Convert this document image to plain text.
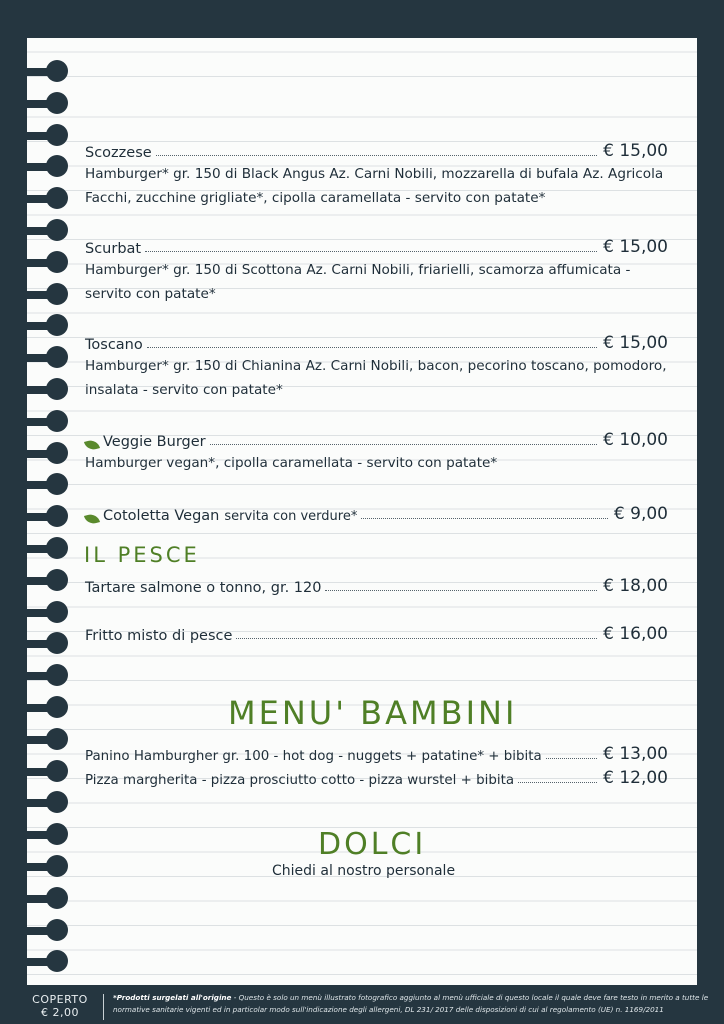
Scozzese	€ 15,00
Hamburger* gr. 150 di Black Angus Az. Carni Nobili, mozzarella di bufala Az. Agricola Facchi, zucchine grigliate*, cipolla caramellata - servito con patate*
Scurbat	€ 15,00
Hamburger* gr. 150 di Scottona Az. Carni Nobili, friarielli, scamorza affumicata - servito con patate*
Toscano	€ 15,00
Hamburger* gr. 150 di Chianina Az. Carni Nobili, bacon, pecorino toscano, pomodoro, insalata - servito con patate*
Veggie Burger	€ 10,00
Hamburger vegan*, cipolla caramellata - servito con patate*
Cotoletta Vegan servita con verdure*	€ 9,00
IL PESCE
Tartare salmone o tonno, gr. 120	€ 18,00
Fritto misto di pesce	€ 16,00
MENU' BAMBINI
Panino Hamburgher gr. 100 - hot dog - nuggets + patatine* + bibita	€ 13,00
Pizza margherita - pizza prosciutto cotto - pizza wurstel + bibita	€ 12,00
DOLCI
Chiedi al nostro personale
COPERTO
€ 2,00
*Prodotti surgelati all'origine - Questo è solo un menù illustrato fotografico aggiunto al menù ufficiale di questo locale il quale deve fare testo in merito a tutte le normative sanitarie vigenti ed in particolar modo sull'indicazione degli allergeni, DL 231/ 2017 delle disposizioni di cui al regolamento (UE) n. 1169/2011
